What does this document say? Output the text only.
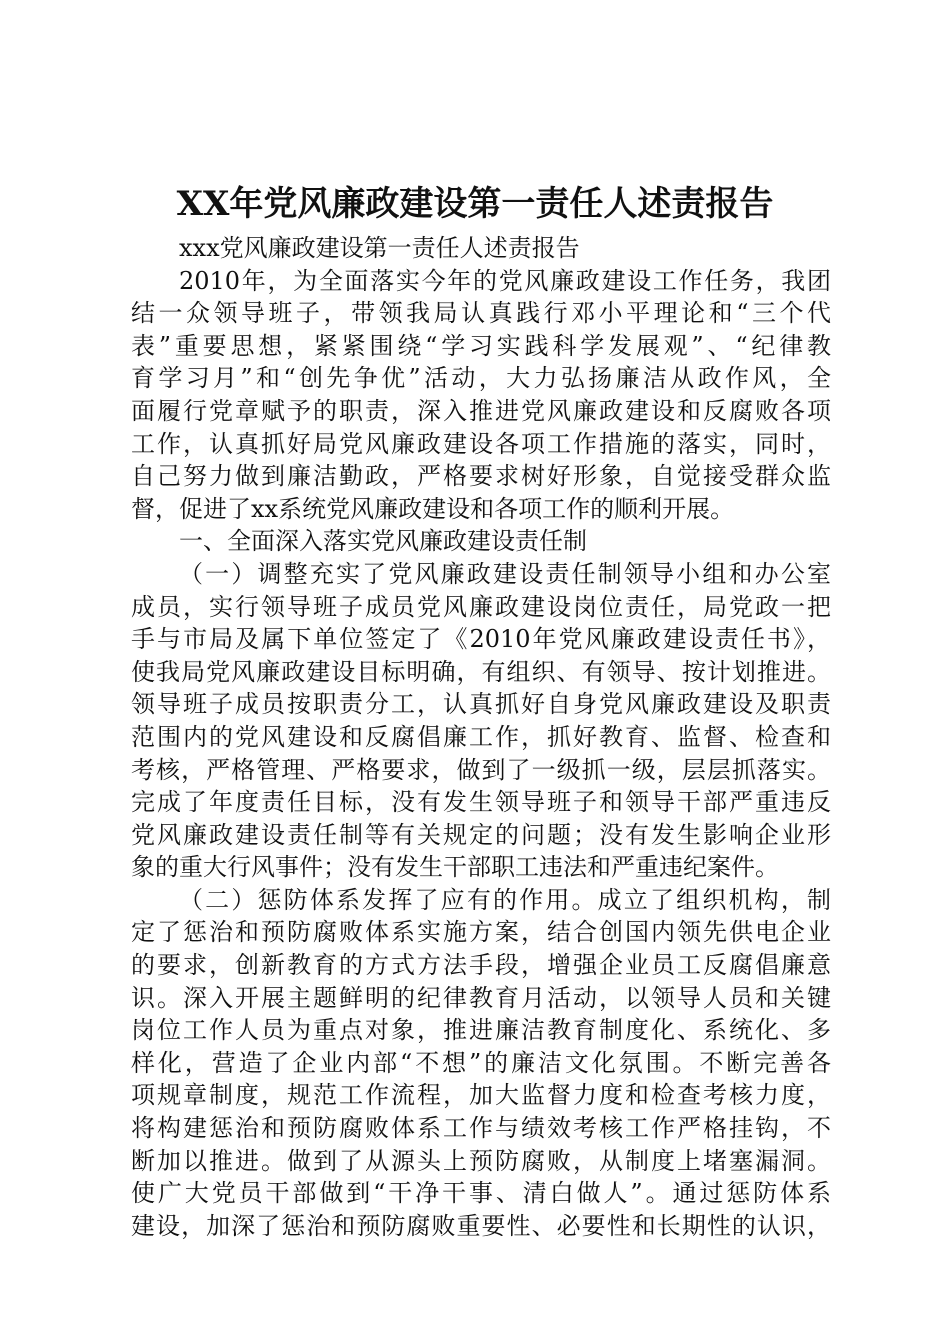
XX年党风廉政建设第一责任人述责报告
xxx党风廉政建设第一责任人述责报告
2010年，为全面落实今年的党风廉政建设工作任务，我团
结一众领导班子，带领我局认真践行邓小平理论和“三个代
表”重要思想，紧紧围绕“学习实践科学发展观”、“纪律教
育学习月”和“创先争优”活动，大力弘扬廉洁从政作风，全
面履行党章赋予的职责，深入推进党风廉政建设和反腐败各项
工作，认真抓好局党风廉政建设各项工作措施的落实，同时，
自己努力做到廉洁勤政，严格要求树好形象，自觉接受群众监
督，促进了xx系统党风廉政建设和各项工作的顺利开展。
一、全面深入落实党风廉政建设责任制
（一）调整充实了党风廉政建设责任制领导小组和办公室
成员，实行领导班子成员党风廉政建设岗位责任，局党政一把
手与市局及属下单位签定了《2010年党风廉政建设责任书》，
使我局党风廉政建设目标明确，有组织、有领导、按计划推进。
领导班子成员按职责分工，认真抓好自身党风廉政建设及职责
范围内的党风建设和反腐倡廉工作，抓好教育、监督、检查和
考核，严格管理、严格要求，做到了一级抓一级，层层抓落实。
完成了年度责任目标，没有发生领导班子和领导干部严重违反
党风廉政建设责任制等有关规定的问题；没有发生影响企业形
象的重大行风事件；没有发生干部职工违法和严重违纪案件。
（二）惩防体系发挥了应有的作用。成立了组织机构，制
定了惩治和预防腐败体系实施方案，结合创国内领先供电企业
的要求，创新教育的方式方法手段，增强企业员工反腐倡廉意
识。深入开展主题鲜明的纪律教育月活动，以领导人员和关键
岗位工作人员为重点对象，推进廉洁教育制度化、系统化、多
样化，营造了企业内部“不想”的廉洁文化氛围。不断完善各
项规章制度，规范工作流程，加大监督力度和检查考核力度，
将构建惩治和预防腐败体系工作与绩效考核工作严格挂钩，不
断加以推进。做到了从源头上预防腐败，从制度上堵塞漏洞。
使广大党员干部做到“干净干事、清白做人”。通过惩防体系
建设，加深了惩治和预防腐败重要性、必要性和长期性的认识，
